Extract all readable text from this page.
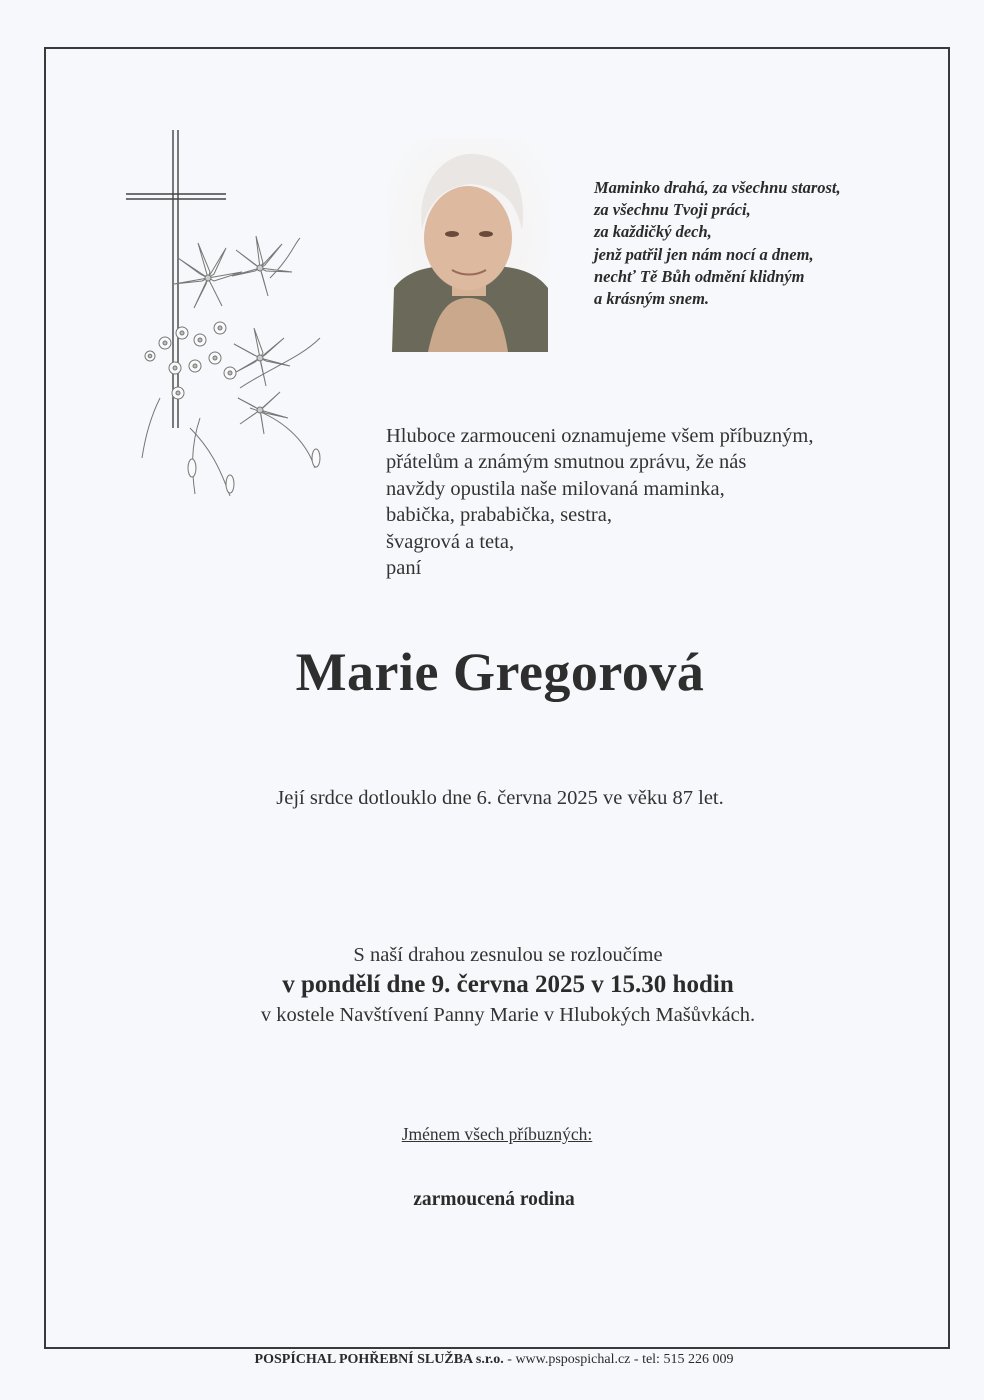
Maminko drahá, za všechnu starost,
za všechnu Tvoji práci,
za každičký dech,
jenž patřil jen nám nocí a dnem,
nechť Tě Bůh odmění klidným
a krásným snem.
Hluboce zarmouceni oznamujeme všem příbuzným,
přátelům a známým smutnou zprávu, že nás
navždy opustila naše milovaná maminka,
babička, prababička, sestra,
švagrová a teta,
paní
Marie Gregorová
Její srdce dotlouklo dne 6. června 2025 ve věku 87 let.
S naší drahou zesnulou se rozloučíme
v pondělí dne 9. června 2025 v 15.30 hodin
v kostele Navštívení Panny Marie v Hlubokých Mašůvkách.
Jménem všech příbuzných:
zarmoucená rodina
POSPÍCHAL POHŘEBNÍ SLUŽBA s.r.o. - www.pspospichal.cz - tel: 515 226 009
